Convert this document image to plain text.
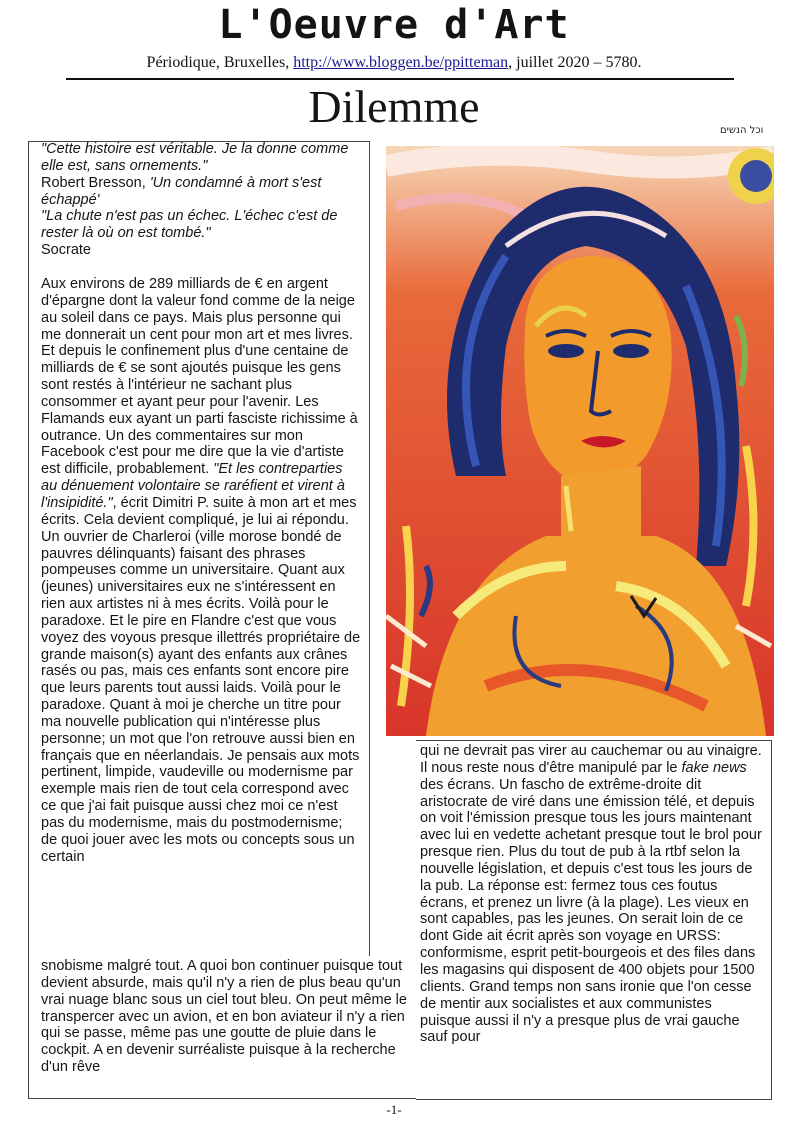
L'Oeuvre d'Art
Périodique, Bruxelles, http://www.bloggen.be/ppitteman, juillet 2020 – 5780.
Dilemme	וכל הנשים

"Cette histoire est véritable. Je la donne comme elle est, sans ornements."

Robert Bresson, 'Un condamné à mort s'est échappé'

"La chute n'est pas un échec. L'échec c'est de rester là où on est tombé."

Socrate

Aux environs de 289 milliards de € en argent d'épargne dont la valeur fond comme de la neige au soleil dans ce pays. Mais plus personne qui me donnerait un cent pour mon art et mes livres. Et depuis le confinement plus d'une centaine de milliards de € se sont ajoutés puisque les gens sont restés à l'intérieur ne sachant plus consommer et ayant peur pour l'avenir. Les Flamands eux ayant un parti fasciste richissime à outrance. Un des commentaires sur mon Facebook c'est pour me dire que la vie d'artiste est difficile, probablement. "Et les contreparties au dénuement volontaire se raréfient et virent à l'insipidité.", écrit Dimitri P. suite à mon art et mes écrits. Cela devient compliqué, je lui ai répondu. Un ouvrier de Charleroi (ville morose bondé de pauvres délinquants) faisant des phrases pompeuses comme un universitaire. Quant aux (jeunes) universitaires eux ne s'intéressent en rien aux artistes ni à mes écrits. Voilà pour le paradoxe. Et le pire en Flandre c'est que vous voyez des voyous presque illettrés propriétaire de grande maison(s) ayant des enfants aux crânes rasés ou pas, mais ces enfants sont encore pire que leurs parents tout aussi laids. Voilà pour le paradoxe. Quant à moi je cherche un titre pour ma nouvelle publication qui n'intéresse plus personne; un mot que l'on retrouve aussi bien en français que en néerlandais. Je pensais aux mots pertinent, limpide, vaudeville ou modernisme par exemple mais rien de tout cela correspond avec ce que j'ai fait puisque aussi chez moi ce n'est pas du modernisme, mais du postmodernisme; de quoi jouer avec les mots ou concepts sous un certain

snobisme malgré tout. A quoi bon continuer puisque tout devient absurde, mais qu'il n'y a rien de plus beau qu'un vrai nuage blanc sous un ciel tout bleu. On peut même le transpercer avec un avion, et en bon aviateur il n'y a rien qui se passe, même pas une goutte de pluie dans le cockpit. A en devenir surréaliste puisque à la recherche d'un rêve

qui ne devrait pas virer au cauchemar ou au vinaigre. Il nous reste nous d'être manipulé par le fake news des écrans. Un fascho de extrême-droite dit aristocrate de viré dans une émission télé, et depuis on voit l'émission presque tous les jours maintenant avec lui en vedette achetant presque tout le brol pour presque rien. Plus du tout de pub à la rtbf selon la nouvelle législation, et depuis c'est tous les jours de la pub. La réponse est: fermez tous ces foutus écrans, et prenez un livre (à la plage). Les vieux en sont capables, pas les jeunes. On serait loin de ce dont Gide ait écrit après son voyage en URSS: conformisme, esprit petit-bourgeois et des files dans les magasins qui disposent de 400 objets pour 1500 clients. Grand temps non sans ironie que l'on cesse de mentir aux socialistes et aux communistes puisque aussi il n'y a presque plus de vrai gauche sauf pour

-1-
